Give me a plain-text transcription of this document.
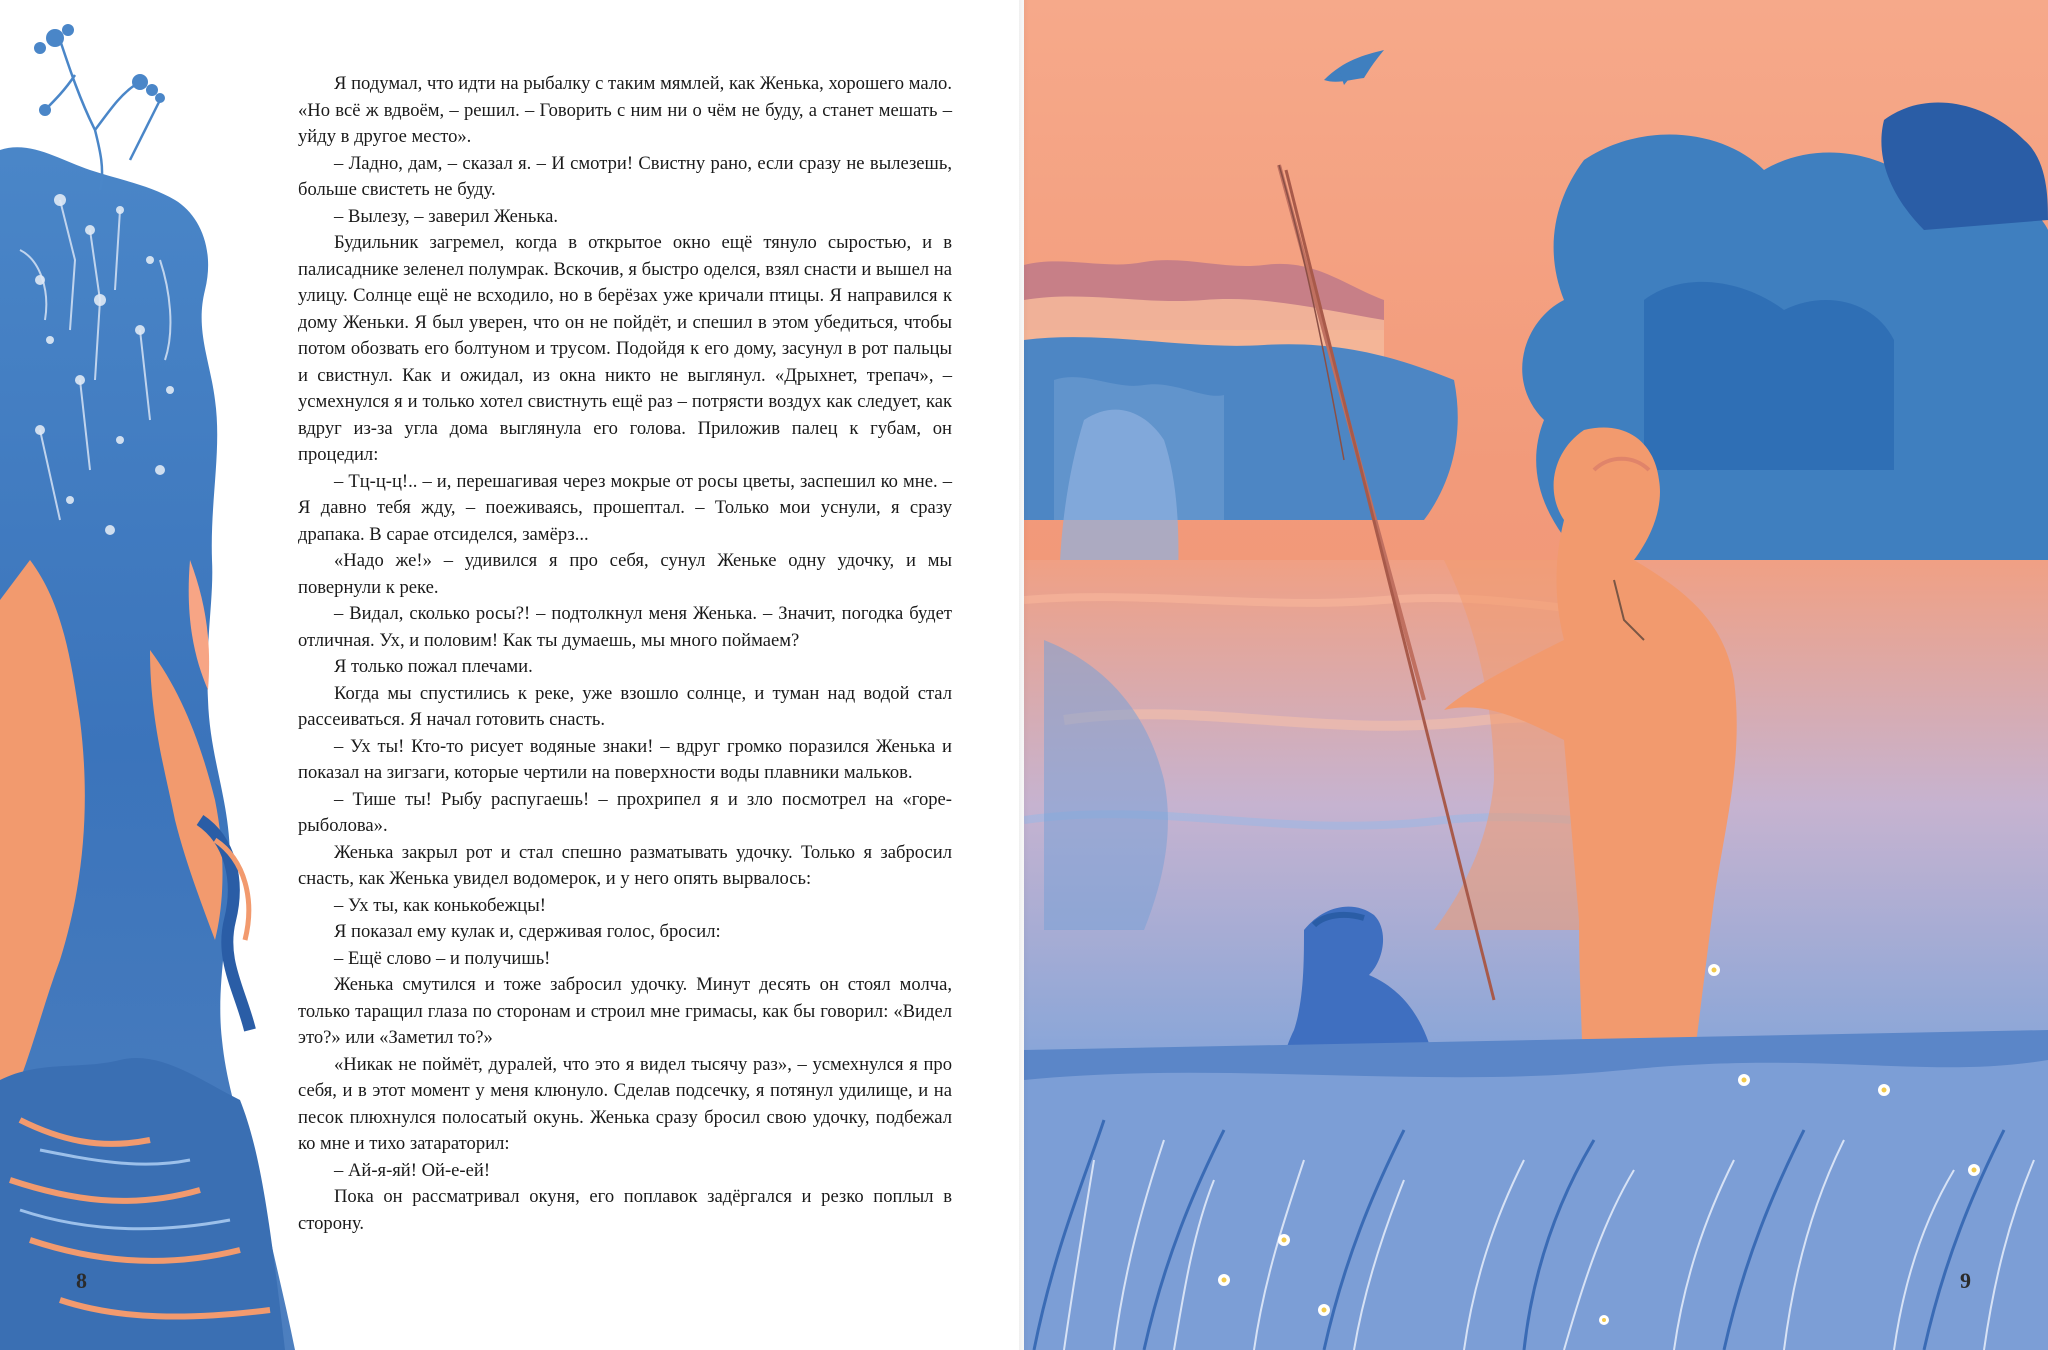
Я подумал, что идти на рыбалку с таким мямлей, как Женька, хорошего мало. «Но всё ж вдвоём, – решил. – Говорить с ним ни о чём не буду, а станет мешать – уйду в другое место».

– Ладно, дам, – сказал я. – И смотри! Свистну рано, если сразу не вылезешь, больше свистеть не буду.

– Вылезу, – заверил Женька.

Будильник загремел, когда в открытое окно ещё тянуло сыростью, и в палисаднике зеленел полумрак. Вскочив, я быстро оделся, взял снасти и вышел на улицу. Солнце ещё не всходило, но в берёзах уже кричали птицы. Я направился к дому Женьки. Я был уверен, что он не пойдёт, и спешил в этом убедиться, чтобы потом обозвать его болтуном и трусом. Подойдя к его дому, засунул в рот пальцы и свистнул. Как и ожидал, из окна никто не выглянул. «Дрыхнет, трепач», – усмехнулся я и только хотел свистнуть ещё раз – потрясти воздух как следует, как вдруг из-за угла дома выглянула его голова. Приложив палец к губам, он процедил:

– Тц-ц-ц!.. – и, перешагивая через мокрые от росы цветы, заспешил ко мне. – Я давно тебя жду, – поеживаясь, прошептал. – Только мои уснули, я сразу драпака. В сарае отсиделся, замёрз...

«Надо же!» – удивился я про себя, сунул Женьке одну удочку, и мы повернули к реке.

– Видал, сколько росы?! – подтолкнул меня Женька. – Значит, погодка будет отличная. Ух, и половим! Как ты думаешь, мы много поймаем?

Я только пожал плечами.

Когда мы спустились к реке, уже взошло солнце, и туман над водой стал рассеиваться. Я начал готовить снасть.

– Ух ты! Кто-то рисует водяные знаки! – вдруг громко поразился Женька и показал на зигзаги, которые чертили на поверхности воды плавники мальков.

– Тише ты! Рыбу распугаешь! – прохрипел я и зло посмотрел на «горе-рыболова».

Женька закрыл рот и стал спешно разматывать удочку. Только я забросил снасть, как Женька увидел водомерок, и у него опять вырвалось:

– Ух ты, как конькобежцы!

Я показал ему кулак и, сдерживая голос, бросил:

– Ещё слово – и получишь!

Женька смутился и тоже забросил удочку. Минут десять он стоял молча, только таращил глаза по сторонам и строил мне гримасы, как бы говорил: «Видел это?» или «Заметил то?»

«Никак не поймёт, дуралей, что это я видел тысячу раз», – усмехнулся я про себя, и в этот момент у меня клюнуло. Сделав подсечку, я потянул удилище, и на песок плюхнулся полосатый окунь. Женька сразу бросил свою удочку, подбежал ко мне и тихо затараторил:

– Ай-я-яй! Ой-е-ей!

Пока он рассматривал окуня, его поплавок задёргался и резко поплыл в сторону.

8	9
